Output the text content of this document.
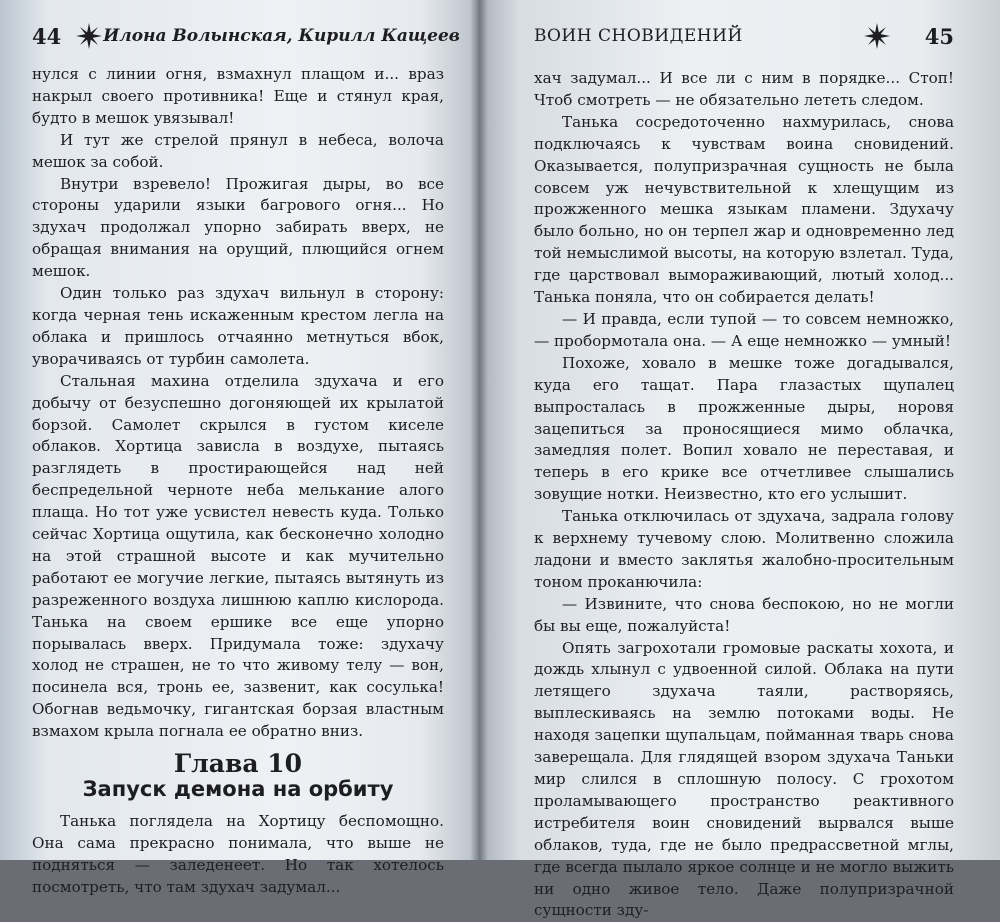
44 Илона Волынская, Кирилл Кащеев

нулся с линии огня, взмахнул плащом и... враз накрыл своего противника! Еще и стянул края, будто в мешок увязывал!

И тут же стрелой прянул в небеса, волоча мешок за собой.

Внутри взревело! Прожигая дыры, во все стороны ударили языки багрового огня... Но здухач продолжал упорно забирать вверх, не обращая внимания на орущий, плющийся огнем мешок.

Один только раз здухач вильнул в сторону: когда черная тень искаженным крестом легла на облака и пришлось отчаянно метнуться вбок, уворачиваясь от турбин самолета.

Стальная махина отделила здухача и его добычу от безуспешно догоняющей их крылатой борзой. Самолет скрылся в густом киселе облаков. Хортица зависла в воздухе, пытаясь разглядеть в простирающейся над ней беспредельной черноте неба мелькание алого плаща. Но тот уже усвистел невесть куда. Только сейчас Хортица ощутила, как бесконечно холодно на этой страшной высоте и как мучительно работают ее могучие легкие, пытаясь вытянуть из разреженного воздуха лишнюю каплю кислорода. Танька на своем ершике все еще упорно порывалась вверх. Придумала тоже: здухачу холод не страшен, не то что живому телу — вон, посинела вся, тронь ее, зазвенит, как сосулька! Обогнав ведьмочку, гигантская борзая властным взмахом крыла погнала ее обратно вниз.

Глава 10
Запуск демона на орбиту

Танька поглядела на Хортицу беспомощно. Она сама прекрасно понимала, что выше не подняться — заледенеет. Но так хотелось посмотреть, что там здухач задумал...

ВОИН СНОВИДЕНИЙ	45

хач задумал... И все ли с ним в порядке... Стоп! Чтоб смотреть — не обязательно лететь следом.

Танька сосредоточенно нахмурилась, снова подключаясь к чувствам воина сновидений. Оказывается, полупризрачная сущность не была совсем уж нечувствительной к хлещущим из прожженного мешка языкам пламени. Здухачу было больно, но он терпел жар и одновременно лед той немыслимой высоты, на которую взлетал. Туда, где царствовал вымораживающий, лютый холод... Танька поняла, что он собирается делать!

— И правда, если тупой — то совсем немножко, — пробормотала она. — А еще немножко — умный!

Похоже, ховало в мешке тоже догадывался, куда его тащат. Пара глазастых щупалец выпросталась в прожженные дыры, норовя зацепиться за проносящиеся мимо облачка, замедляя полет. Вопил ховало не переставая, и теперь в его крике все отчетливее слышались зовущие нотки. Неизвестно, кто его услышит.

Танька отключилась от здухача, задрала голову к верхнему тучевому слою. Молитвенно сложила ладони и вместо заклятья жалобно-просительным тоном проканючила:

— Извините, что снова беспокою, но не могли бы вы еще, пожалуйста!

Опять загрохотали громовые раскаты хохота, и дождь хлынул с удвоенной силой. Облака на пути летящего здухача таяли, растворяясь, выплескиваясь на землю потоками воды. Не находя зацепки щупальцам, пойманная тварь снова заверещала. Для глядящей взором здухача Таньки мир слился в сплошную полосу. С грохотом проламывающего пространство реактивного истребителя воин сновидений вырвался выше облаков, туда, где не было предрассветной мглы, где всегда пылало яркое солнце и не могло выжить ни одно живое тело. Даже полупризрачной сущности зду-
